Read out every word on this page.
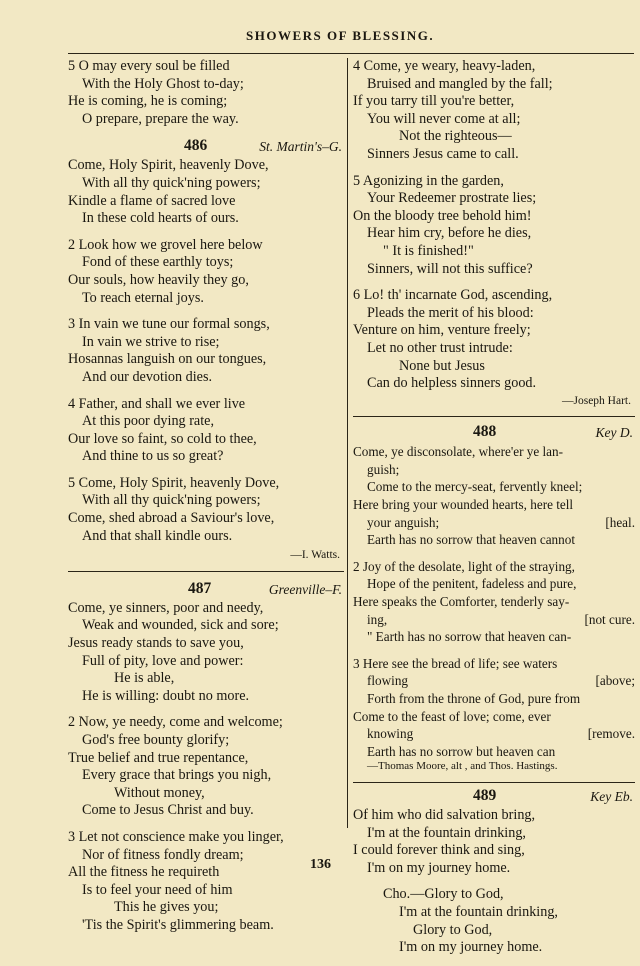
SHOWERS OF BLESSING.
5 O may every soul be filled
With the Holy Ghost to-day;
He is coming, he is coming;
O prepare, prepare the way.
486	St. Martin's–G.
Come, Holy Spirit, heavenly Dove,
With all thy quick'ning powers;
Kindle a flame of sacred love
In these cold hearts of ours.
2 Look how we grovel here below
Fond of these earthly toys;
Our souls, how heavily they go,
To reach eternal joys.
3 In vain we tune our formal songs,
In vain we strive to rise;
Hosannas languish on our tongues,
And our devotion dies.
4 Father, and shall we ever live
At this poor dying rate,
Our love so faint, so cold to thee,
And thine to us so great?
5 Come, Holy Spirit, heavenly Dove,
With all thy quick'ning powers;
Come, shed abroad a Saviour's love,
And that shall kindle ours.
—I. Watts.
487	Greenville–F.
Come, ye sinners, poor and needy,
Weak and wounded, sick and sore;
Jesus ready stands to save you,
Full of pity, love and power:
He is able,
He is willing: doubt no more.
2 Now, ye needy, come and welcome;
God's free bounty glorify;
True belief and true repentance,
Every grace that brings you nigh,
Without money,
Come to Jesus Christ and buy.
3 Let not conscience make you linger,
Nor of fitness fondly dream;
All the fitness he requireth
Is to feel your need of him
This he gives you;
'Tis the Spirit's glimmering beam.
4 Come, ye weary, heavy-laden,
Bruised and mangled by the fall;
If you tarry till you're better,
You will never come at all;
Not the righteous—
Sinners Jesus came to call.
5 Agonizing in the garden,
Your Redeemer prostrate lies;
On the bloody tree behold him!
Hear him cry, before he dies,
" It is finished!"
Sinners, will not this suffice?
6 Lo! th' incarnate God, ascending,
Pleads the merit of his blood:
Venture on him, venture freely;
Let no other trust intrude:
None but Jesus
Can do helpless sinners good.
—Joseph Hart.
488	Key D.
Come, ye disconsolate, where'er ye lan-
guish;
Come to the mercy-seat, fervently kneel;
Here bring your wounded hearts, here tell
your anguish;	[heal.
Earth has no sorrow that heaven cannot
2 Joy of the desolate, light of the straying,
Hope of the penitent, fadeless and pure,
Here speaks the Comforter, tenderly say-
ing,	[not cure.
" Earth has no sorrow that heaven can-
3 Here see the bread of life; see waters
flowing	[above;
Forth from the throne of God, pure from
Come to the feast of love; come, ever
knowing	[remove.
Earth has no sorrow but heaven can
—Thomas Moore, alt , and Thos. Hastings.
489	Key Eb.
Of him who did salvation bring,
I'm at the fountain drinking,
I could forever think and sing,
I'm on my journey home.
Cho.—Glory to God,
I'm at the fountain drinking,
Glory to God,
I'm on my journey home.
136
